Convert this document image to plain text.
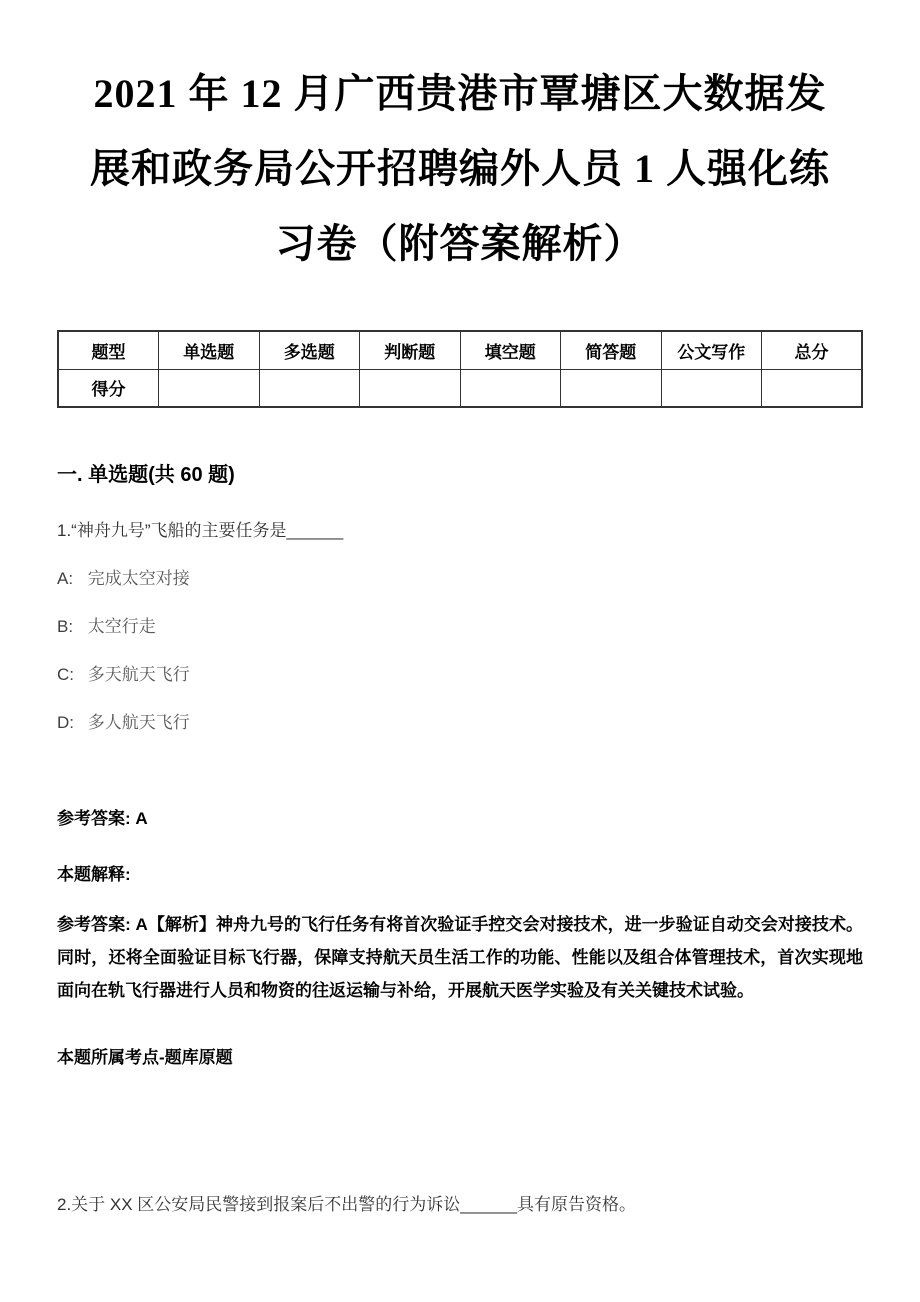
2021 年 12 月广西贵港市覃塘区大数据发
展和政务局公开招聘编外人员 1 人强化练
习卷（附答案解析）
题型	单选题	多选题	判断题	填空题	简答题	公文写作	总分
得分							
一. 单选题(共 60 题)

1.“神舟九号”飞船的主要任务是______

A: 完成太空对接

B: 太空行走

C: 多天航天飞行

D: 多人航天飞行

参考答案: A

本题解释:

参考答案: A【解析】神舟九号的飞行任务有将首次验证手控交会对接技术，进一步验证自动交会对接技术。同时，还将全面验证目标飞行器，保障支持航天员生活工作的功能、性能以及组合体管理技术，首次实现地面向在轨飞行器进行人员和物资的往返运输与补给，开展航天医学实验及有关关键技术试验。

本题所属考点-题库原题

2.关于 XX 区公安局民警接到报案后不出警的行为诉讼______具有原告资格。
